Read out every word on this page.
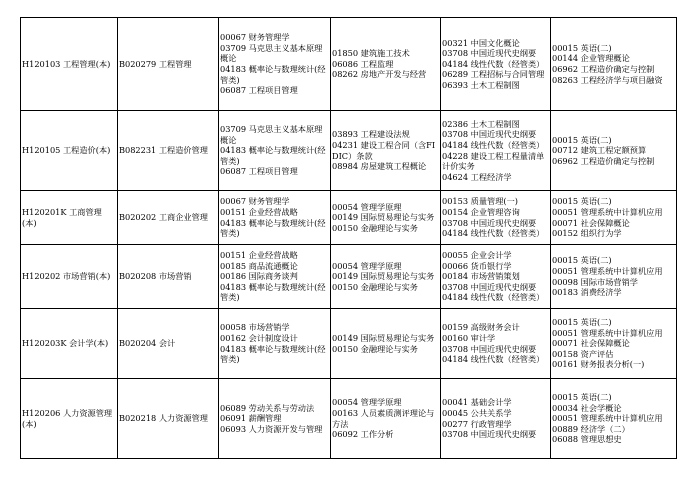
H120103 工程管理(本)	B020279 工程管理	00067 财务管理学
03709 马克思主义基本原理概论
04183 概率论与数理统计(经管类)
06087 工程项目管理	01850 建筑施工技术
06086 工程监理
08262 房地产开发与经营	00321 中国文化概论
03708 中国近现代史纲要
04184 线性代数（经管类）
06289 工程招标与合同管理
06393 土木工程制图	00015 英语(二)
00144 企业管理概论
06962 工程造价确定与控制
08263 工程经济学与项目融资

H120105 工程造价(本)	B082231 工程造价管理	03709 马克思主义基本原理概论
04183 概率论与数理统计(经管类)
06087 工程项目管理	03893 工程建设法规
04231 建设工程合同（含FIDIC）条款
08984 房屋建筑工程概论	02386 土木工程制图
03708 中国近现代史纲要
04184 线性代数（经管类）
04228 建设工程工程量清单计价实务
04624 工程经济学	00015 英语(二)
00712 建筑工程定额预算
06962 工程造价确定与控制

H120201K 工商管理(本)	B020202 工商企业管理	00067 财务管理学
00151 企业经营战略
04183 概率论与数理统计(经管类)	00054 管理学原理
00149 国际贸易理论与实务
00150 金融理论与实务	00153 质量管理(一)
00154 企业管理咨询
03708 中国近现代史纲要
04184 线性代数（经管类）	00015 英语(二)
00051 管理系统中计算机应用
00071 社会保障概论
00152 组织行为学

H120202 市场营销(本)	B020208 市场营销	00151 企业经营战略
00185 商品流通概论
00186 国际商务谈判
04183 概率论与数理统计(经管类)	00054 管理学原理
00149 国际贸易理论与实务
00150 金融理论与实务	00055 企业会计学
00066 货币银行学
00184 市场营销策划
03708 中国近现代史纲要
04184 线性代数（经管类）	00015 英语(二)
00051 管理系统中计算机应用
00098 国际市场营销学
00183 消费经济学

H120203K 会计学(本)	B020204 会计	00058 市场营销学
00162 会计制度设计
04183 概率论与数理统计(经管类)	00149 国际贸易理论与实务
00150 金融理论与实务	00159 高级财务会计
00160 审计学
03708 中国近现代史纲要
04184 线性代数（经管类）	00015 英语(二)
00051 管理系统中计算机应用
00071 社会保障概论
00158 资产评估
00161 财务报表分析(一)

H120206 人力资源管理(本)	B020218 人力资源管理	06089 劳动关系与劳动法
06091 薪酬管理
06093 人力资源开发与管理	00054 管理学原理
00163 人员素质测评理论与方法
06092 工作分析	00041 基础会计学
00045 公共关系学
00277 行政管理学
03708 中国近现代史纲要	00015 英语(二)
00034 社会学概论
00051 管理系统中计算机应用
00889 经济学（二）
06088 管理思想史
